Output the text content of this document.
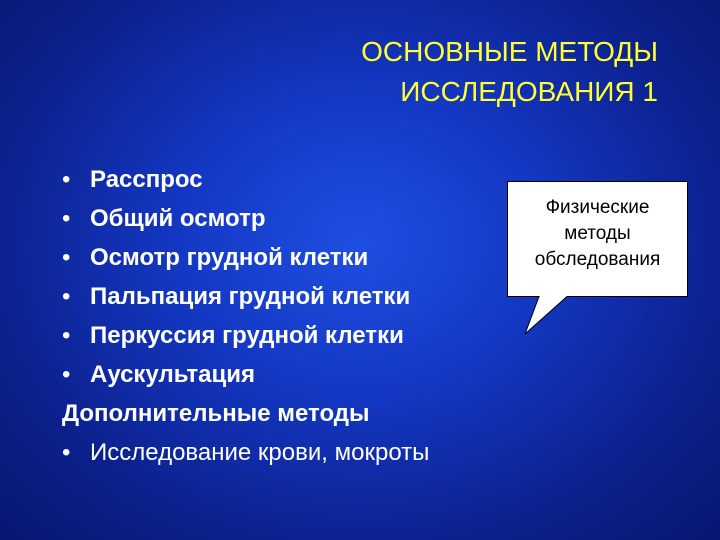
ОСНОВНЫЕ МЕТОДЫ
ИССЛЕДОВАНИЯ 1
• Расспрос
• Общий осмотр
• Осмотр грудной клетки
• Пальпация грудной клетки
• Перкуссия грудной клетки
• Аускультация
Дополнительные методы
• Исследование крови, мокроты
Физические
методы
обследования
